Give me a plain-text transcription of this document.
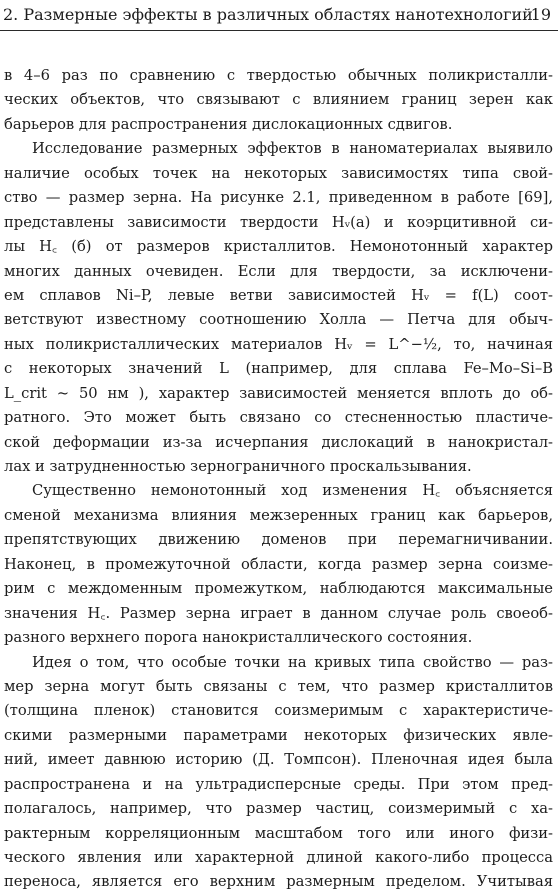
2. Размерные эффекты в различных областях нанотехнологий
19
в 4–6 раз по сравнению с твердостью обычных поликристалли-
ческих объектов, что связывают с влиянием границ зерен как
барьеров для распространения дислокационных сдвигов.
Исследование размерных эффектов в наноматериалах выявило
наличие особых точек на некоторых зависимостях типа свой-
ство — размер зерна. На рисунке 2.1, приведенном в работе [69],
представлены зависимости твердости Hᵥ(a) и коэрцитивной си-
лы H꜀ (б) от размеров кристаллитов. Немонотонный характер
многих данных очевиден. Если для твердости, за исключени-
ем сплавов Ni–P, левые ветви зависимостей Hᵥ = f(L) соот-
ветствуют известному соотношению Холла — Петча для обыч-
ных поликристаллических материалов Hᵥ = L^−½, то, начиная
с некоторых значений L (например, для сплава Fe–Mo–Si–B
L_crit ~ 50 нм ), характер зависимостей меняется вплоть до об-
ратного. Это может быть связано со стесненностью пластиче-
ской деформации из-за исчерпания дислокаций в нанокристал-
лах и затрудненностью зернограничного проскальзывания.
Существенно немонотонный ход изменения H꜀ объясняется
сменой механизма влияния межзеренных границ как барьеров,
препятствующих движению доменов при перемагничивании.
Наконец, в промежуточной области, когда размер зерна соизме-
рим с междоменным промежутком, наблюдаются максимальные
значения H꜀. Размер зерна играет в данном случае роль своеоб-
разного верхнего порога нанокристаллического состояния.
Идея о том, что особые точки на кривых типа свойство — раз-
мер зерна могут быть связаны с тем, что размер кристаллитов
(толщина пленок) становится соизмеримым с характеристиче-
скими размерными параметрами некоторых физических явле-
ний, имеет давнюю историю (Д. Томпсон). Пленочная идея была
распространена и на ультрадисперсные среды. При этом пред-
полагалось, например, что размер частиц, соизмеримый с ха-
рактерным корреляционным масштабом того или иного физи-
ческого явления или характерной длиной какого-либо процесса
переноса, является его верхним размерным пределом. Учитывая
